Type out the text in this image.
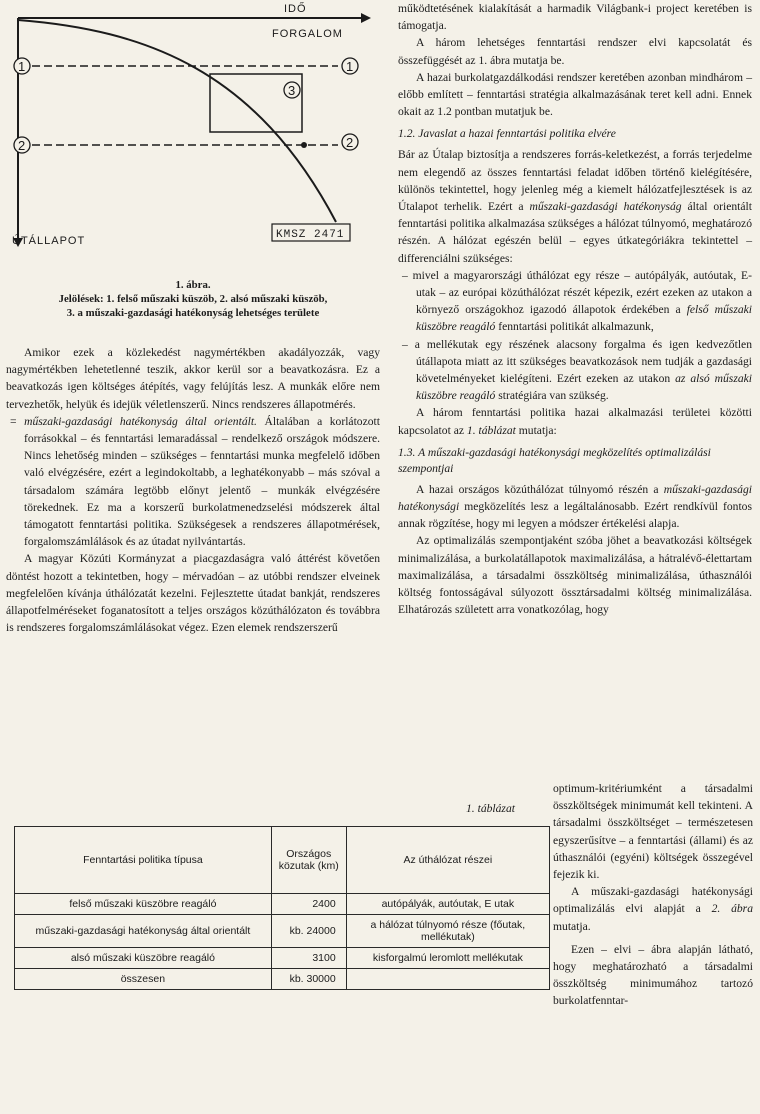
1	1
2	2
3
IDŐ
FORGALOM
ÚTÁLLAPOT	KMSZ 2471
1. ábra.
Jelölések: 1. felső műszaki küszöb, 2. alsó műszaki küszöb,
3. a műszaki-gazdasági hatékonyság lehetséges területe

Amikor ezek a közlekedést nagymértékben akadályozzák, vagy nagymértékben lehetetlenné teszik, akkor kerül sor a beavatkozásra. Ez a beavatkozás igen költséges átépítés, vagy felújítás lesz. A munkák előre nem tervezhetők, helyük és idejük véletlenszerű. Nincs rendszeres állapotmérés.

= műszaki-gazdasági hatékonyság által orientált. Általában a korlátozott forrásokkal – és fenntartási lemaradással – rendelkező országok módszere. Nincs lehetőség minden – szükséges – fenntartási munka megfelelő időben való elvégzésére, ezért a legindokoltabb, a leghatékonyabb – más szóval a társadalom számára legtöbb előnyt jelentő – munkák elvégzésére törekednek. Ez ma a korszerű burkolatmenedzselési módszerek által támogatott fenntartási politika. Szükségesek a rendszeres állapotmérések, forgalomszámlálások és az útadat nyilvántartás.

A magyar Közúti Kormányzat a piacgazdaságra való áttérést követően döntést hozott a tekintetben, hogy – mérvadóan – az utóbbi rendszer elveinek megfelelően kívánja úthálózatát kezelni. Fejlesztette útadat bankját, rendszeres állapotfelméréseket foganatosított a teljes országos közúthálózaton és továbbra is rendszeres forgalomszámlálásokat végez. Ezen elemek rendszerszerű

működtetésének kialakítását a harmadik Világbank-i project keretében is támogatja.

A három lehetséges fenntartási rendszer elvi kapcsolatát és összefüggését az 1. ábra mutatja be.

A hazai burkolatgazdálkodási rendszer keretében azonban mindhárom – előbb említett – fenntartási stratégia alkalmazásának teret kell adni. Ennek okait az 1.2 pontban mutatjuk be.

1.2. Javaslat a hazai fenntartási politika elvére

Bár az Útalap biztosítja a rendszeres forrás-keletkezést, a forrás terjedelme nem elegendő az összes fenntartási feladat időben történő kielégítésére, különös tekintettel, hogy jelenleg még a kiemelt hálózatfejlesztések is az Útalapot terhelik. Ezért a műszaki-gazdasági hatékonyság által orientált fenntartási politika alkalmazása szükséges a hálózat túlnyomó, meghatározó részén. A hálózat egészén belül – egyes útkategóriákra tekintettel – differenciálni szükséges:

– mivel a magyarországi úthálózat egy része – autópályák, autóutak, E-utak – az európai közúthálózat részét képezik, ezért ezeken az utakon a környező országokhoz igazodó állapotok érdekében a felső műszaki küszöbre reagáló fenntartási politikát alkalmazunk,

– a mellékutak egy részének alacsony forgalma és igen kedvezőtlen útállapota miatt az itt szükséges beavatkozások nem tudják a gazdasági követelményeket kielégíteni. Ezért ezeken az utakon az alsó műszaki küszöbre reagáló stratégiára van szükség.

A három fenntartási politika hazai alkalmazási területei közötti kapcsolatot az 1. táblázat mutatja:

1.3. A műszaki-gazdasági hatékonysági megközelítés optimalizálási szempontjai

A hazai országos közúthálózat túlnyomó részén a műszaki-gazdasági hatékonysági megközelítés lesz a legáltalánosabb. Ezért rendkívül fontos annak rögzítése, hogy mi legyen a módszer értékelési alapja.

Az optimalizálás szempontjaként szóba jöhet a beavatkozási költségek minimalizálása, a burkolatállapotok maximalizálása, a hátralévő-élettartam maximalizálása, a társadalmi összköltség minimalizálása, úthasználói költség fontosságával súlyozott össztársadalmi költség minimalizálása. Elhatározás született arra vonatkozólag, hogy

optimum-kritériumként a társadalmi összköltségek minimumát kell tekinteni. A társadalmi összköltséget – természetesen egyszerűsítve – a fenntartási (állami) és az úthasználói (egyéni) költségek összegével fejezik ki.

A műszaki-gazdasági hatékonysági optimalizálás elvi alapját a 2. ábra mutatja.

Ezen – elvi – ábra alapján látható, hogy meghatározható a társadalmi összköltség minimumához tartozó burkolatfenntar-

1. táblázat
Fenntartási politika típusa	Országos közutak (km)	Az úthálózat részei
felső műszaki küszöbre reagáló	2400	autópályák, autóutak, E utak
műszaki-gazdasági hatékonyság által orientált	kb. 24000	a hálózat túlnyomó része (főutak, mellékutak)
alsó műszaki küszöbre reagáló	3100	kisforgalmú leromlott mellékutak
összesen	kb. 30000	
